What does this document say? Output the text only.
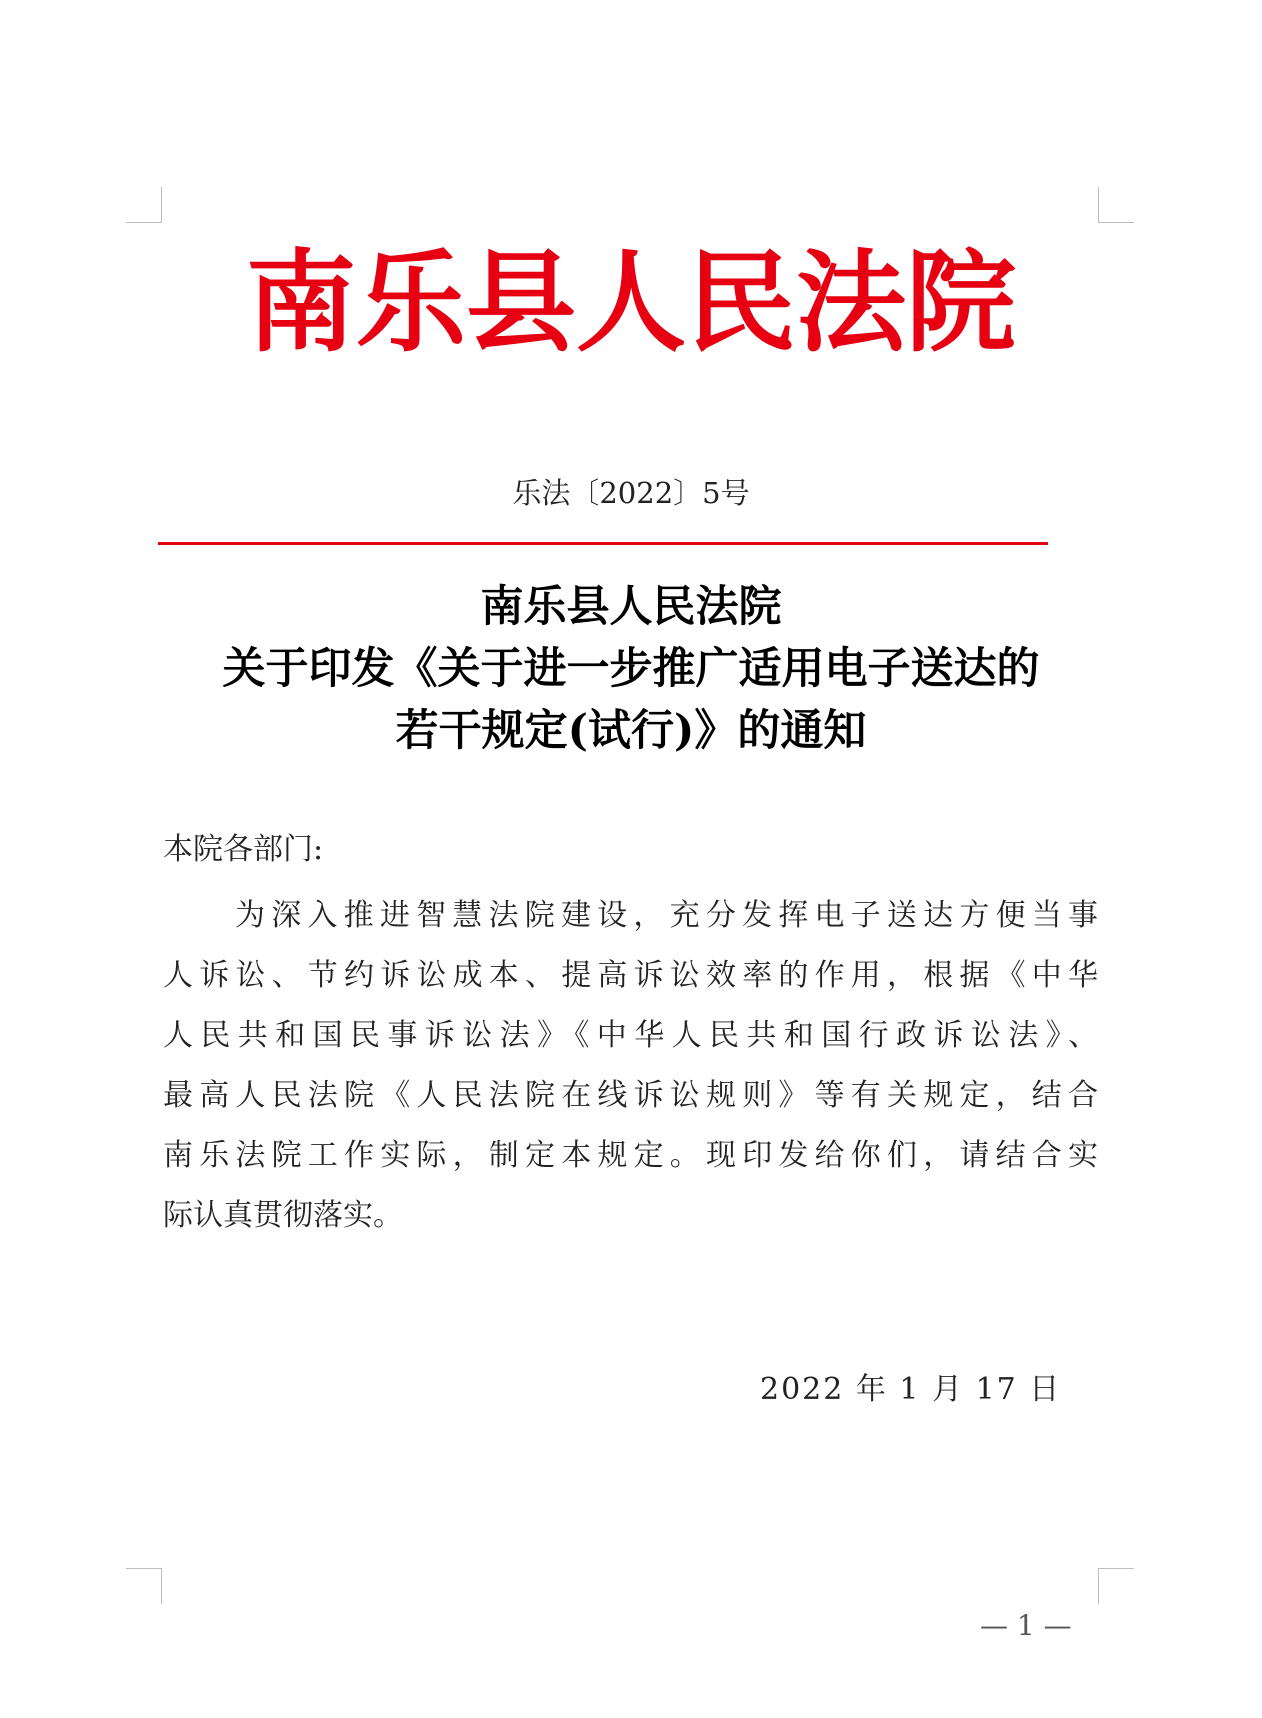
南乐县人民法院
乐法〔2022〕5号
南乐县人民法院
关于印发《关于进一步推广适用电子送达的
若干规定(试行)》的通知
本院各部门:
为深入推进智慧法院建设，充分发挥电子送达方便当事
人诉讼、节约诉讼成本、提高诉讼效率的作用，根据《中华
人民共和国民事诉讼法》《中华人民共和国行政诉讼法》、
最高人民法院《人民法院在线诉讼规则》等有关规定，结合
南乐法院工作实际，制定本规定。现印发给你们，请结合实
际认真贯彻落实。
2022 年 1 月 17 日
— 1 —
